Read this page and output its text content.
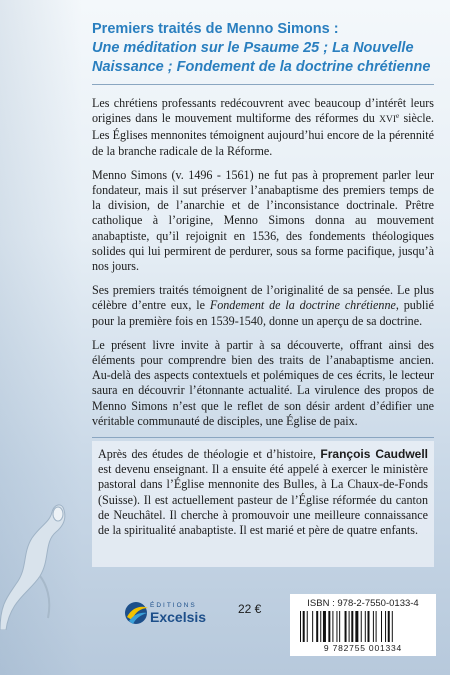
Premiers traités de Menno Simons :
Une méditation sur le Psaume 25 ; La Nouvelle
Naissance ; Fondement de la doctrine chrétienne

Les chrétiens professants redécouvrent avec beaucoup d’intérêt leurs origines dans le mouvement multiforme des réformes du XVIe siècle. Les Églises mennonites témoignent aujourd’hui encore de la pérennité de la branche radicale de la Réforme.

Menno Simons (v. 1496 - 1561) ne fut pas à proprement parler leur fondateur, mais il sut préserver l’anabaptisme des premiers temps de la division, de l’anarchie et de l’inconsistance doctrinale. Prêtre catholique à l’origine, Menno Simons donna au mouvement anabaptiste, qu’il rejoignit en 1536, des fondements théologiques solides qui lui permirent de perdurer, sous sa forme pacifique, jusqu’à nos jours.

Ses premiers traités témoignent de l’originalité de sa pensée. Le plus célèbre d’entre eux, le Fondement de la doctrine chrétienne, publié pour la première fois en 1539-1540, donne un aperçu de sa doctrine.

Le présent livre invite à partir à sa découverte, offrant ainsi des éléments pour comprendre bien des traits de l’anabaptisme ancien. Au-delà des aspects contextuels et polémiques de ces écrits, le lecteur saura en découvrir l’étonnante actualité. La virulence des propos de Menno Simons n’est que le reflet de son désir ardent d’édifier une véritable communauté de disciples, une Église de paix.

Après des études de théologie et d’histoire, François Caudwell est devenu enseignant. Il a ensuite été appelé à exercer le ministère pastoral dans l’Église mennonite des Bulles, à La Chaux-de-Fonds (Suisse). Il est actuellement pasteur de l’Église réformée du canton de Neuchâtel. Il cherche à promouvoir une meilleure connaissance de la spiritualité anabaptiste. Il est marié et père de quatre enfants.
ÉDITIONS
Excelsis	22 €	ISBN : 978-2-7550-0133-4
9 782755 001334
